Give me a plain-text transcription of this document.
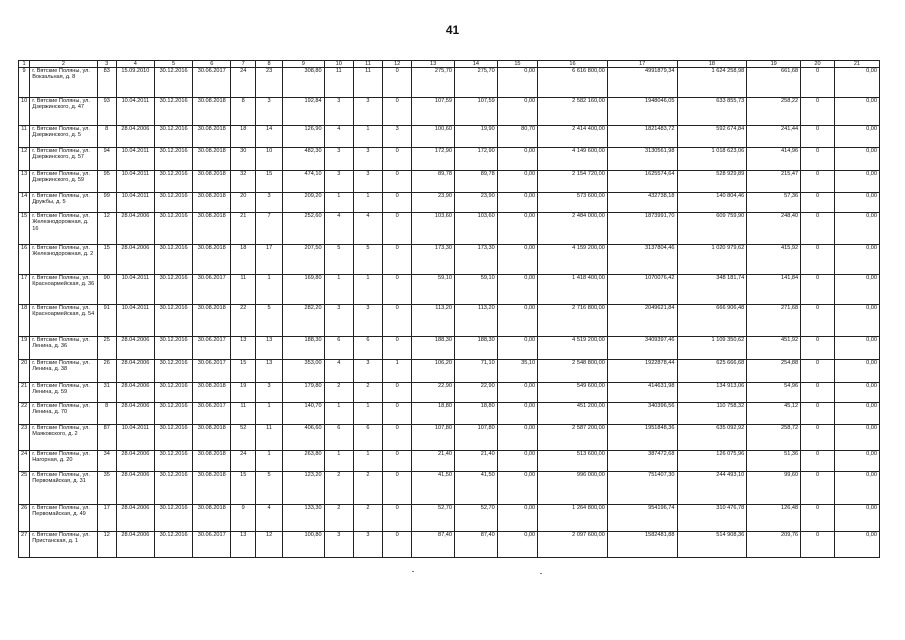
41
1	2	3	4	5	6	7	8	9	10	11	12	13	14	15	16	17	18	19	20	21
9	г. Вятские Поляны, ул. Вокзальная, д. 8	83	15.09.2010	30.12.2016	30.06.2017	24	23	308,80	11	11	0	275,70	275,70	0,00	6 616 800,00	4991879,34	1 624 258,98	661,68	0	0,00
10	г. Вятские Поляны, ул. Дзержинского, д. 47	93	10.04.2011	30.12.2016	30.08.2018	8	3	192,84	3	3	0	107,59	107,59	0,00	2 582 160,00	1948046,05	633 855,73	258,22	0	0,00
11	г. Вятские Поляны, ул. Дзержинского, д. 5	8	28.04.2006	30.12.2016	30.08.2018	18	14	126,90	4	1	3	100,60	19,90	80,70	2 414 400,00	1821483,72	592 674,84	241,44	0	0,00
12	г. Вятские Поляны, ул. Дзержинского, д. 57	94	10.04.2011	30.12.2016	30.08.2018	30	10	482,30	3	3	0	172,90	172,90	0,00	4 149 600,00	3130561,98	1 018 623,06	414,96	0	0,00
13	г. Вятские Поляны, ул. Дзержинского, д. 59	95	10.04.2011	30.12.2016	30.08.2018	32	15	474,10	3	3	0	89,78	89,78	0,00	2 154 720,00	1625574,64	528 929,89	215,47	0	0,00
14	г. Вятские Поляны, ул. Дружбы, д. 5	99	10.04.2011	30.12.2016	30.08.2018	20	3	209,20	1	1	0	23,90	23,90	0,00	573 600,00	432738,18	140 804,46	57,36	0	0,00
15	г. Вятские Поляны, ул. Железнодорожная, д. 16	12	28.04.2006	30.12.2016	30.08.2018	21	7	252,60	4	4	0	103,60	103,60	0,00	2 484 000,00	1873991,70	609 759,90	248,40	0	0,00
16	г. Вятские Поляны, ул. Железнодорожная, д. 2	15	28.04.2006	30.12.2016	30.08.2018	18	17	207,50	5	5	0	173,30	173,30	0,00	4 159 200,00	3137804,46	1 020 979,62	415,92	0	0,00
17	г. Вятские Поляны, ул. Красноармейская, д. 36	90	10.04.2011	30.12.2016	30.06.2017	11	1	169,80	1	1	0	59,10	59,10	0,00	1 418 400,00	1070076,42	348 181,74	141,84	0	0,00
18	г. Вятские Поляны, ул. Красноармейская, д. 54	91	10.04.2011	30.12.2016	30.08.2018	22	5	282,20	3	3	0	113,20	113,20	0,00	2 716 800,00	2049621,84	666 906,48	271,68	0	0,00
19	г. Вятские Поляны, ул. Ленина, д. 36	25	28.04.2006	30.12.2016	30.06.2017	13	13	188,30	6	6	0	188,30	188,30	0,00	4 519 200,00	3409397,46	1 109 350,62	451,92	0	0,00
20	г. Вятские Поляны, ул. Ленина, д. 38	26	28.04.2006	30.12.2016	30.06.2017	15	13	353,00	4	3	1	106,20	71,10	35,10	2 548 800,00	1922878,44	625 666,68	254,88	0	0,00
21	г. Вятские Поляны, ул. Ленина, д. 59	31	28.04.2006	30.12.2016	30.08.2018	19	3	179,80	2	2	0	22,90	22,90	0,00	549 600,00	414631,98	134 913,06	54,96	0	0,00
22	г. Вятские Поляны, ул. Ленина, д. 70	8	28.04.2006	30.12.2016	30.06.2017	11	1	140,70	1	1	0	18,80	18,80	0,00	451 200,00	340396,56	110 758,32	45,12	0	0,00
23	г. Вятские Поляны, ул. Маяковского, д. 2	87	10.04.2011	30.12.2016	30.08.2018	52	11	406,60	6	6	0	107,80	107,80	0,00	2 587 200,00	1951848,36	635 092,92	258,72	0	0,00
24	г. Вятские Поляны, ул. Нагорная, д. 20	34	28.04.2006	30.12.2016	30.08.2018	24	1	263,80	1	1	0	21,40	21,40	0,00	513 600,00	387472,68	126 075,96	51,36	0	0,00
25	г. Вятские Поляны, ул. Первомайская, д. 31	35	28.04.2006	30.12.2016	30.08.2018	15	5	123,20	2	2	0	41,50	41,50	0,00	996 000,00	751407,30	244 493,10	99,60	0	0,00
26	г. Вятские Поляны, ул. Первомайская, д. 49	17	28.04.2006	30.12.2016	30.08.2018	9	4	133,30	2	2	0	52,70	52,70	0,00	1 264 800,00	954196,74	310 476,78	126,48	0	0,00
27	г. Вятские Поляны, ул. Пристанская, д. 1	12	28.04.2006	30.12.2016	30.06.2017	13	12	100,80	3	3	0	87,40	87,40	0,00	2 097 600,00	1582481,88	514 908,36	209,76	0	0,00
